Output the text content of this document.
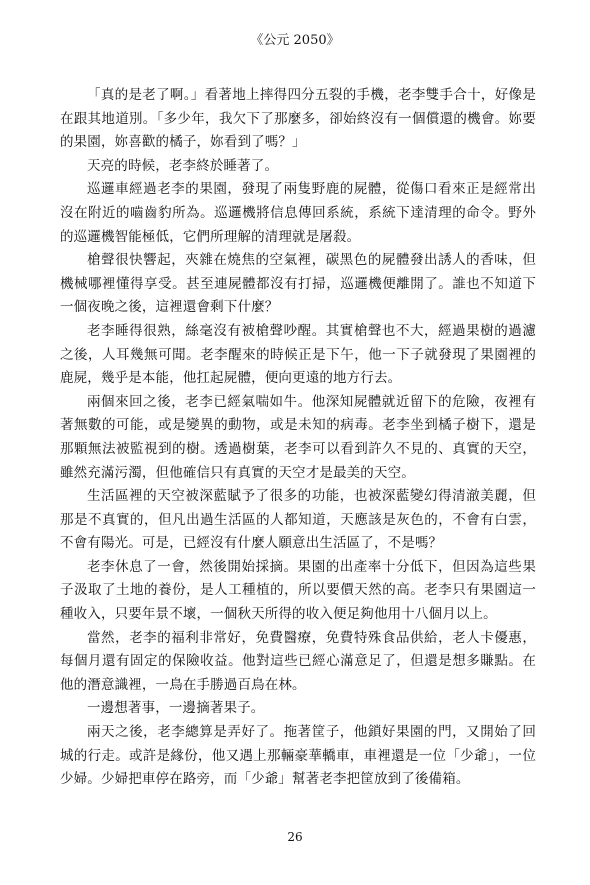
《公元 2050》

「真的是老了啊。」看著地上摔得四分五裂的手機，老李雙手合十，好像是在跟其地道別。「多少年，我欠下了那麼多，卻始終沒有一個償還的機會。妳要的果園，妳喜歡的橘子，妳看到了嗎？」

天亮的時候，老李終於睡著了。

巡邏車經過老李的果園，發現了兩隻野鹿的屍體，從傷口看來正是經常出沒在附近的嚙齒豹所為。巡邏機將信息傳回系統，系統下達清理的命令。野外的巡邏機智能極低，它們所理解的清理就是屠殺。

槍聲很快響起，夾雜在燒焦的空氣裡，碳黑色的屍體發出誘人的香味，但機械哪裡懂得享受。甚至連屍體都沒有打掃，巡邏機便離開了。誰也不知道下一個夜晚之後，這裡還會剩下什麼？

老李睡得很熟，絲毫沒有被槍聲吵醒。其實槍聲也不大，經過果樹的過濾之後，人耳幾無可聞。老李醒來的時候正是下午，他一下子就發現了果園裡的鹿屍，幾乎是本能，他扛起屍體，便向更遠的地方行去。

兩個來回之後，老李已經氣喘如牛。他深知屍體就近留下的危險，夜裡有著無數的可能，或是變異的動物，或是未知的病毒。老李坐到橘子樹下，還是那顆無法被監視到的樹。透過樹葉，老李可以看到許久不見的、真實的天空，雖然充滿污濁，但他確信只有真實的天空才是最美的天空。

生活區裡的天空被深藍賦予了很多的功能，也被深藍變幻得清澈美麗，但那是不真實的，但凡出過生活區的人都知道，天應該是灰色的，不會有白雲，不會有陽光。可是，已經沒有什麼人願意出生活區了，不是嗎？

老李休息了一會，然後開始採摘。果園的出產率十分低下，但因為這些果子汲取了土地的養份，是人工種植的，所以要價天然的高。老李只有果園這一種收入，只要年景不壞，一個秋天所得的收入便足夠他用十八個月以上。

當然，老李的福利非常好，免費醫療，免費特殊食品供給，老人卡優惠，每個月還有固定的保險收益。他對這些已經心滿意足了，但還是想多賺點。在他的潛意識裡，一鳥在手勝過百鳥在林。

一邊想著事，一邊摘著果子。

兩天之後，老李總算是弄好了。拖著筐子，他鎖好果園的門，又開始了回城的行走。或許是緣份，他又遇上那輛豪華轎車，車裡還是一位「少爺」，一位少婦。少婦把車停在路旁，而「少爺」幫著老李把筐放到了後備箱。

26
